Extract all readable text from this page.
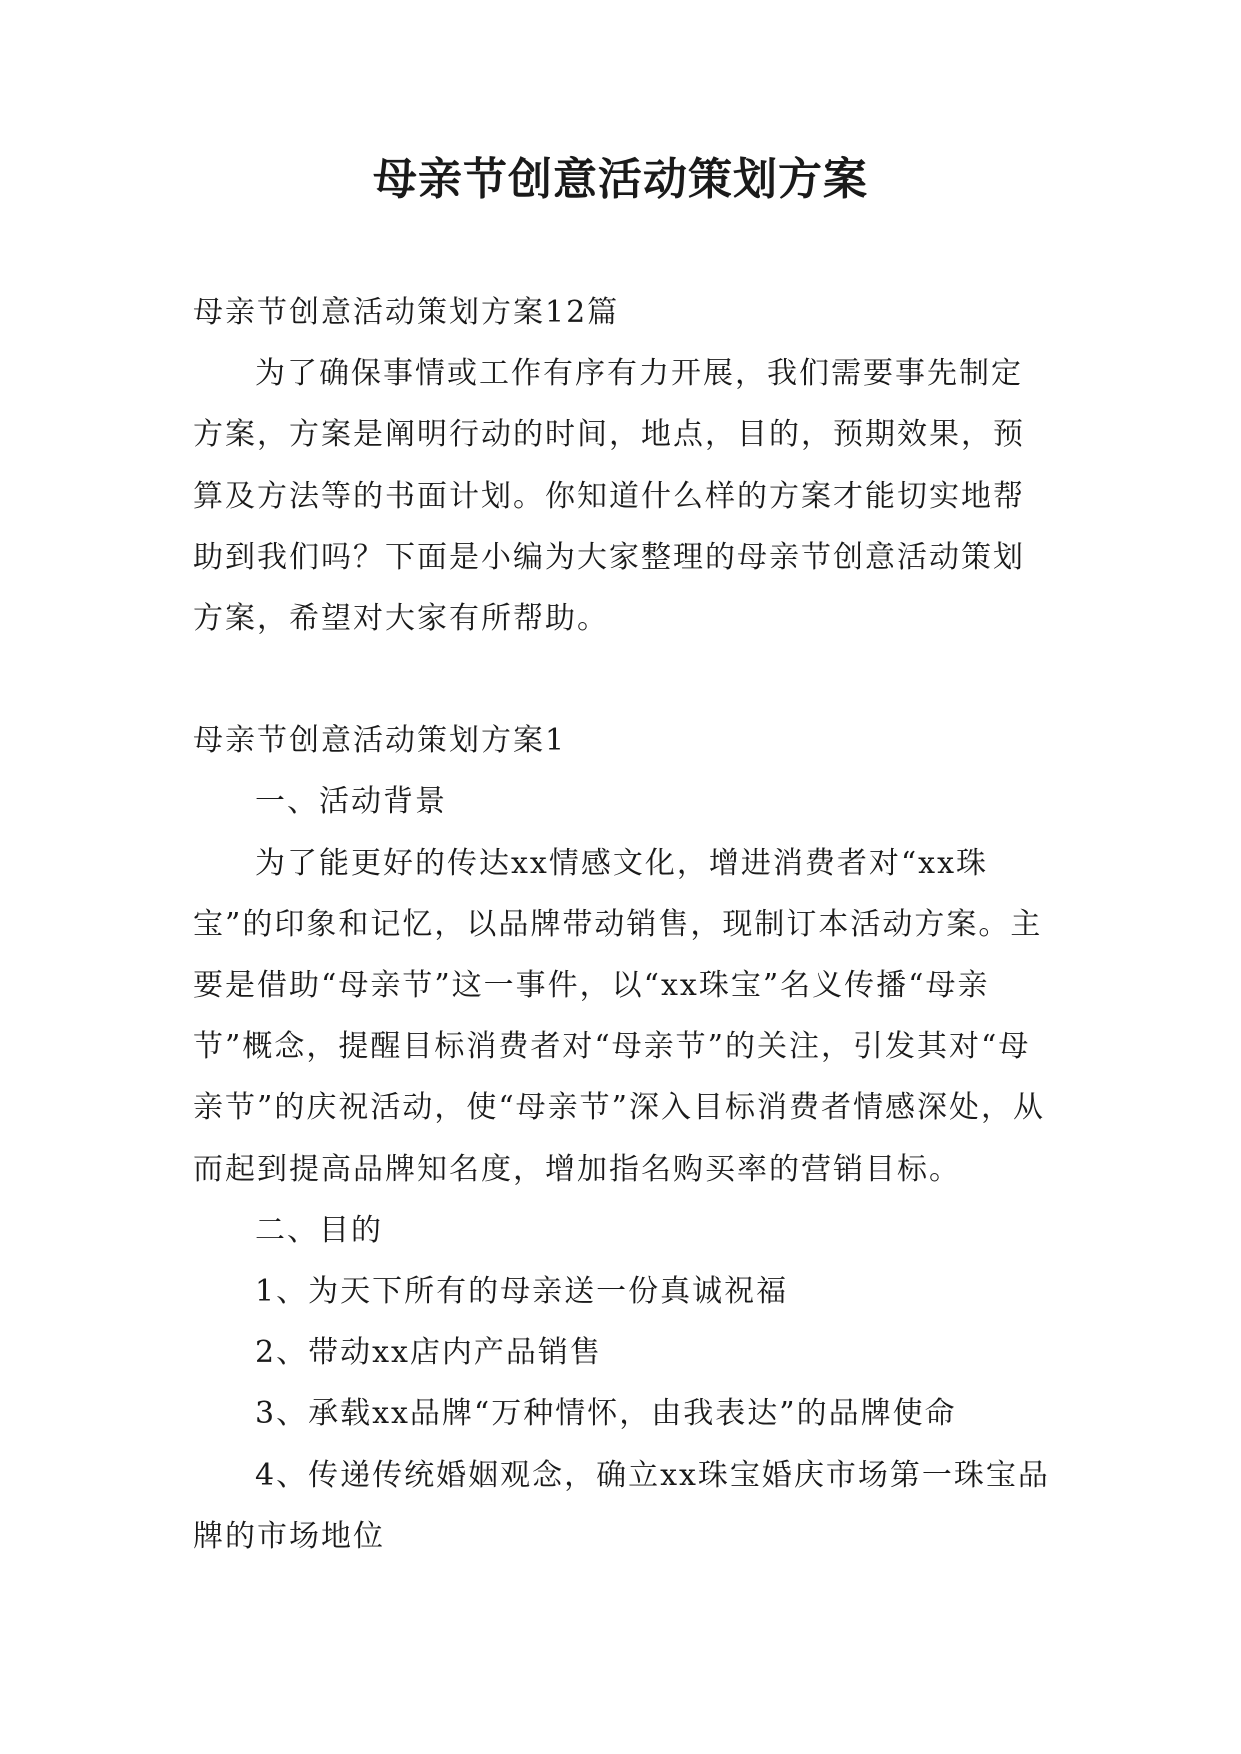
母亲节创意活动策划方案

母亲节创意活动策划方案12篇

为了确保事情或工作有序有力开展，我们需要事先制定方案，方案是阐明行动的时间，地点，目的，预期效果，预算及方法等的书面计划。你知道什么样的方案才能切实地帮助到我们吗？下面是小编为大家整理的母亲节创意活动策划方案，希望对大家有所帮助。

母亲节创意活动策划方案1

一、活动背景

为了能更好的传达xx情感文化，增进消费者对“xx珠宝”的印象和记忆，以品牌带动销售，现制订本活动方案。主要是借助“母亲节”这一事件，以“xx珠宝”名义传播“母亲节”概念，提醒目标消费者对“母亲节”的关注，引发其对“母亲节”的庆祝活动，使“母亲节”深入目标消费者情感深处，从而起到提高品牌知名度，增加指名购买率的营销目标。

二、目的

1、为天下所有的母亲送一份真诚祝福

2、带动xx店内产品销售

3、承载xx品牌“万种情怀，由我表达”的品牌使命

4、传递传统婚姻观念，确立xx珠宝婚庆市场第一珠宝品牌的市场地位
